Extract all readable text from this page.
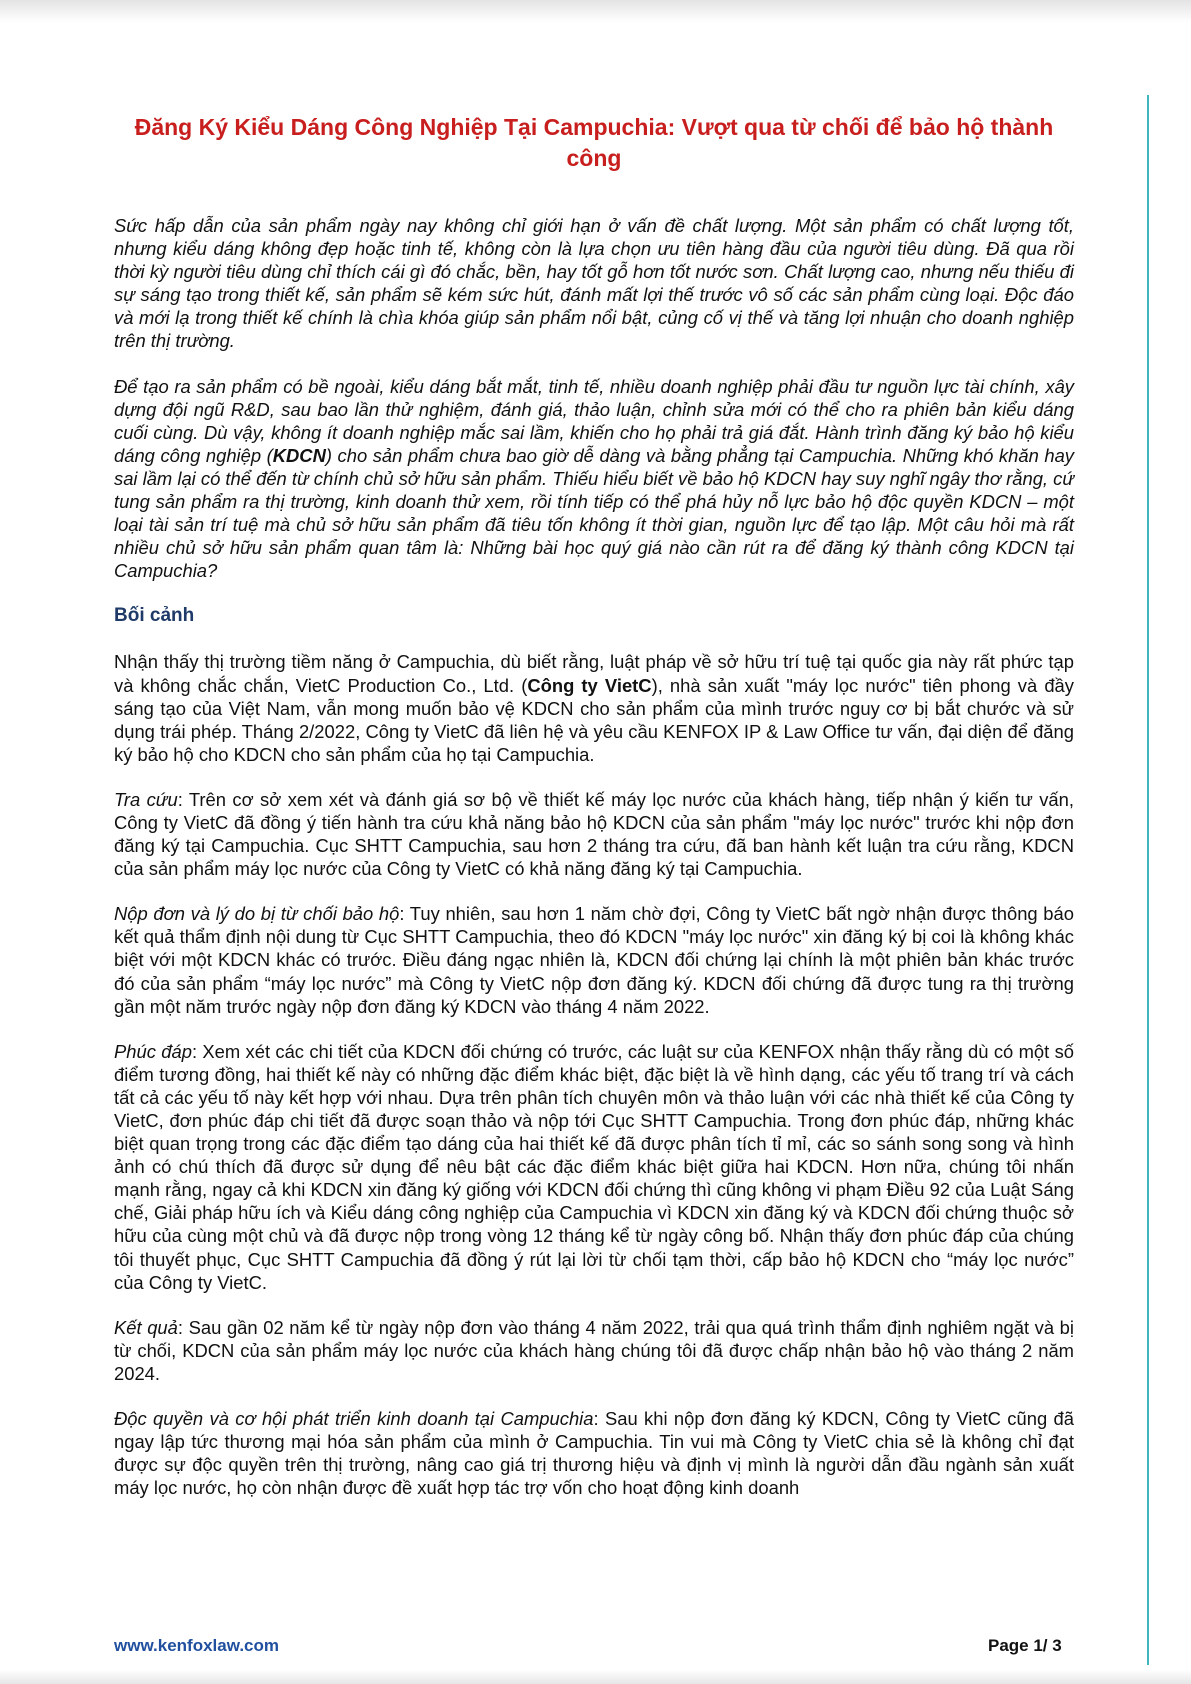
Đăng Ký Kiểu Dáng Công Nghiệp Tại Campuchia: Vượt qua từ chối để bảo hộ thành công

Sức hấp dẫn của sản phẩm ngày nay không chỉ giới hạn ở vấn đề chất lượng. Một sản phẩm có chất lượng tốt, nhưng kiểu dáng không đẹp hoặc tinh tế, không còn là lựa chọn ưu tiên hàng đầu của người tiêu dùng. Đã qua rồi thời kỳ người tiêu dùng chỉ thích cái gì đó chắc, bền, hay tốt gỗ hơn tốt nước sơn. Chất lượng cao, nhưng nếu thiếu đi sự sáng tạo trong thiết kế, sản phẩm sẽ kém sức hút, đánh mất lợi thế trước vô số các sản phẩm cùng loại. Độc đáo và mới lạ trong thiết kế chính là chìa khóa giúp sản phẩm nổi bật, củng cố vị thế và tăng lợi nhuận cho doanh nghiệp trên thị trường.

Để tạo ra sản phẩm có bề ngoài, kiểu dáng bắt mắt, tinh tế, nhiều doanh nghiệp phải đầu tư nguồn lực tài chính, xây dựng đội ngũ R&D, sau bao lần thử nghiệm, đánh giá, thảo luận, chỉnh sửa mới có thể cho ra phiên bản kiểu dáng cuối cùng. Dù vậy, không ít doanh nghiệp mắc sai lầm, khiến cho họ phải trả giá đắt. Hành trình đăng ký bảo hộ kiểu dáng công nghiệp (KDCN) cho sản phẩm chưa bao giờ dễ dàng và bằng phẳng tại Campuchia. Những khó khăn hay sai lầm lại có thể đến từ chính chủ sở hữu sản phẩm. Thiếu hiểu biết về bảo hộ KDCN hay suy nghĩ ngây thơ rằng, cứ tung sản phẩm ra thị trường, kinh doanh thử xem, rồi tính tiếp có thể phá hủy nỗ lực bảo hộ độc quyền KDCN – một loại tài sản trí tuệ mà chủ sở hữu sản phẩm đã tiêu tốn không ít thời gian, nguồn lực để tạo lập. Một câu hỏi mà rất nhiều chủ sở hữu sản phẩm quan tâm là: Những bài học quý giá nào cần rút ra để đăng ký thành công KDCN tại Campuchia?

Bối cảnh

Nhận thấy thị trường tiềm năng ở Campuchia, dù biết rằng, luật pháp về sở hữu trí tuệ tại quốc gia này rất phức tạp và không chắc chắn, VietC Production Co., Ltd. (Công ty VietC), nhà sản xuất "máy lọc nước" tiên phong và đầy sáng tạo của Việt Nam, vẫn mong muốn bảo vệ KDCN cho sản phẩm của mình trước nguy cơ bị bắt chước và sử dụng trái phép. Tháng 2/2022, Công ty VietC đã liên hệ và yêu cầu KENFOX IP & Law Office tư vấn, đại diện để đăng ký bảo hộ cho KDCN cho sản phẩm của họ tại Campuchia.

Tra cứu: Trên cơ sở xem xét và đánh giá sơ bộ về thiết kế máy lọc nước của khách hàng, tiếp nhận ý kiến tư vấn, Công ty VietC đã đồng ý tiến hành tra cứu khả năng bảo hộ KDCN của sản phẩm "máy lọc nước" trước khi nộp đơn đăng ký tại Campuchia. Cục SHTT Campuchia, sau hơn 2 tháng tra cứu, đã ban hành kết luận tra cứu rằng, KDCN của sản phẩm máy lọc nước của Công ty VietC có khả năng đăng ký tại Campuchia.

Nộp đơn và lý do bị từ chối bảo hộ: Tuy nhiên, sau hơn 1 năm chờ đợi, Công ty VietC bất ngờ nhận được thông báo kết quả thẩm định nội dung từ Cục SHTT Campuchia, theo đó KDCN "máy lọc nước" xin đăng ký bị coi là không khác biệt với một KDCN khác có trước. Điều đáng ngạc nhiên là, KDCN đối chứng lại chính là một phiên bản khác trước đó của sản phẩm “máy lọc nước” mà Công ty VietC nộp đơn đăng ký. KDCN đối chứng đã được tung ra thị trường gần một năm trước ngày nộp đơn đăng ký KDCN vào tháng 4 năm 2022.

Phúc đáp: Xem xét các chi tiết của KDCN đối chứng có trước, các luật sư của KENFOX nhận thấy rằng dù có một số điểm tương đồng, hai thiết kế này có những đặc điểm khác biệt, đặc biệt là về hình dạng, các yếu tố trang trí và cách tất cả các yếu tố này kết hợp với nhau. Dựa trên phân tích chuyên môn và thảo luận với các nhà thiết kế của Công ty VietC, đơn phúc đáp chi tiết đã được soạn thảo và nộp tới Cục SHTT Campuchia. Trong đơn phúc đáp, những khác biệt quan trọng trong các đặc điểm tạo dáng của hai thiết kế đã được phân tích tỉ mỉ, các so sánh song song và hình ảnh có chú thích đã được sử dụng để nêu bật các đặc điểm khác biệt giữa hai KDCN. Hơn nữa, chúng tôi nhấn mạnh rằng, ngay cả khi KDCN xin đăng ký giống với KDCN đối chứng thì cũng không vi phạm Điều 92 của Luật Sáng chế, Giải pháp hữu ích và Kiểu dáng công nghiệp của Campuchia vì KDCN xin đăng ký và KDCN đối chứng thuộc sở hữu của cùng một chủ và đã được nộp trong vòng 12 tháng kể từ ngày công bố. Nhận thấy đơn phúc đáp của chúng tôi thuyết phục, Cục SHTT Campuchia đã đồng ý rút lại lời từ chối tạm thời, cấp bảo hộ KDCN cho “máy lọc nước” của Công ty VietC.

Kết quả: Sau gần 02 năm kể từ ngày nộp đơn vào tháng 4 năm 2022, trải qua quá trình thẩm định nghiêm ngặt và bị từ chối, KDCN của sản phẩm máy lọc nước của khách hàng chúng tôi đã được chấp nhận bảo hộ vào tháng 2 năm 2024.

Độc quyền và cơ hội phát triển kinh doanh tại Campuchia: Sau khi nộp đơn đăng ký KDCN, Công ty VietC cũng đã ngay lập tức thương mại hóa sản phẩm của mình ở Campuchia. Tin vui mà Công ty VietC chia sẻ là không chỉ đạt được sự độc quyền trên thị trường, nâng cao giá trị thương hiệu và định vị mình là người dẫn đầu ngành sản xuất máy lọc nước, họ còn nhận được đề xuất hợp tác trợ vốn cho hoạt động kinh doanh

www.kenfoxlaw.com	Page 1/ 3
